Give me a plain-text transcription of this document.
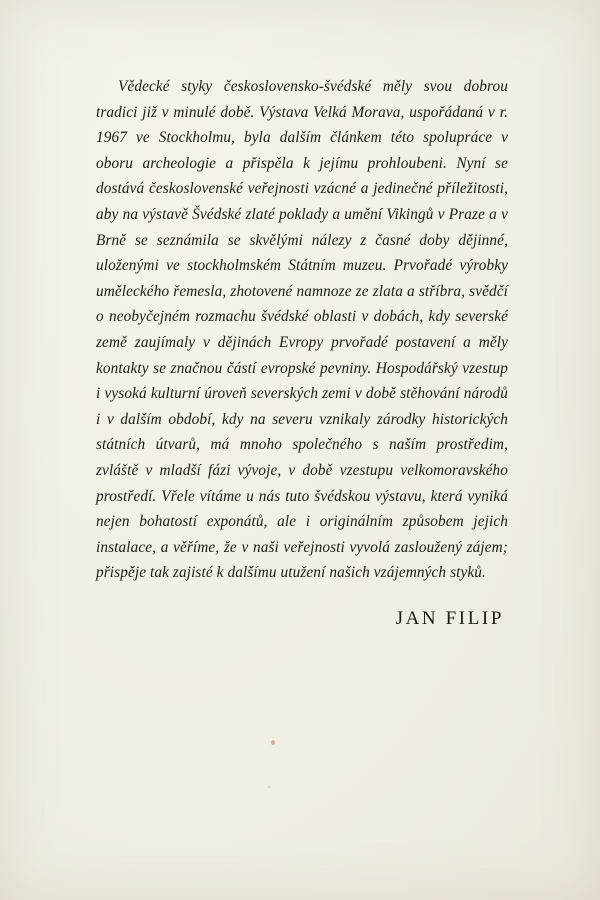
Vědecké styky československo-švédské měly svou dobrou tradici již v minulé době. Výstava Velká Morava, uspořádaná v r. 1967 ve Stockholmu, byla dalším článkem této spolupráce v oboru archeologie a přispěla k jejímu prohloubeni. Nyní se dostává československé veřejnosti vzácné a jedinečné příležitosti, aby na výstavě Švédské zlaté poklady a umění Vikingů v Praze a v Brně se seznámila se skvělými nálezy z časné doby dějinné, uloženými ve stockholmském Státním muzeu. Prvořadé výrobky uměleckého řemesla, zhotovené namnoze ze zlata a stříbra, svědčí o neobyčejném rozmachu švédské oblasti v dobách, kdy severské země zaujímaly v dějinách Evropy prvořadé postavení a měly kontakty se značnou částí evropské pevniny. Hospodářský vzestup i vysoká kulturní úroveň severských zemi v době stěhování národů i v dalším období, kdy na severu vznikaly zárodky historických státních útvarů, má mnoho společného s naším prostředim, zvláště v mladší fázi vývoje, v době vzestupu velkomoravského prostředí. Vřele vítáme u nás tuto švédskou výstavu, která vyniká nejen bohatostí exponátů, ale i originálním způsobem jejich instalace, a věříme, že v naši veřejnosti vyvolá zasloužený zájem; přispěje tak zajisté k dalšímu utužení našich vzájemných styků.

JAN FILIP
